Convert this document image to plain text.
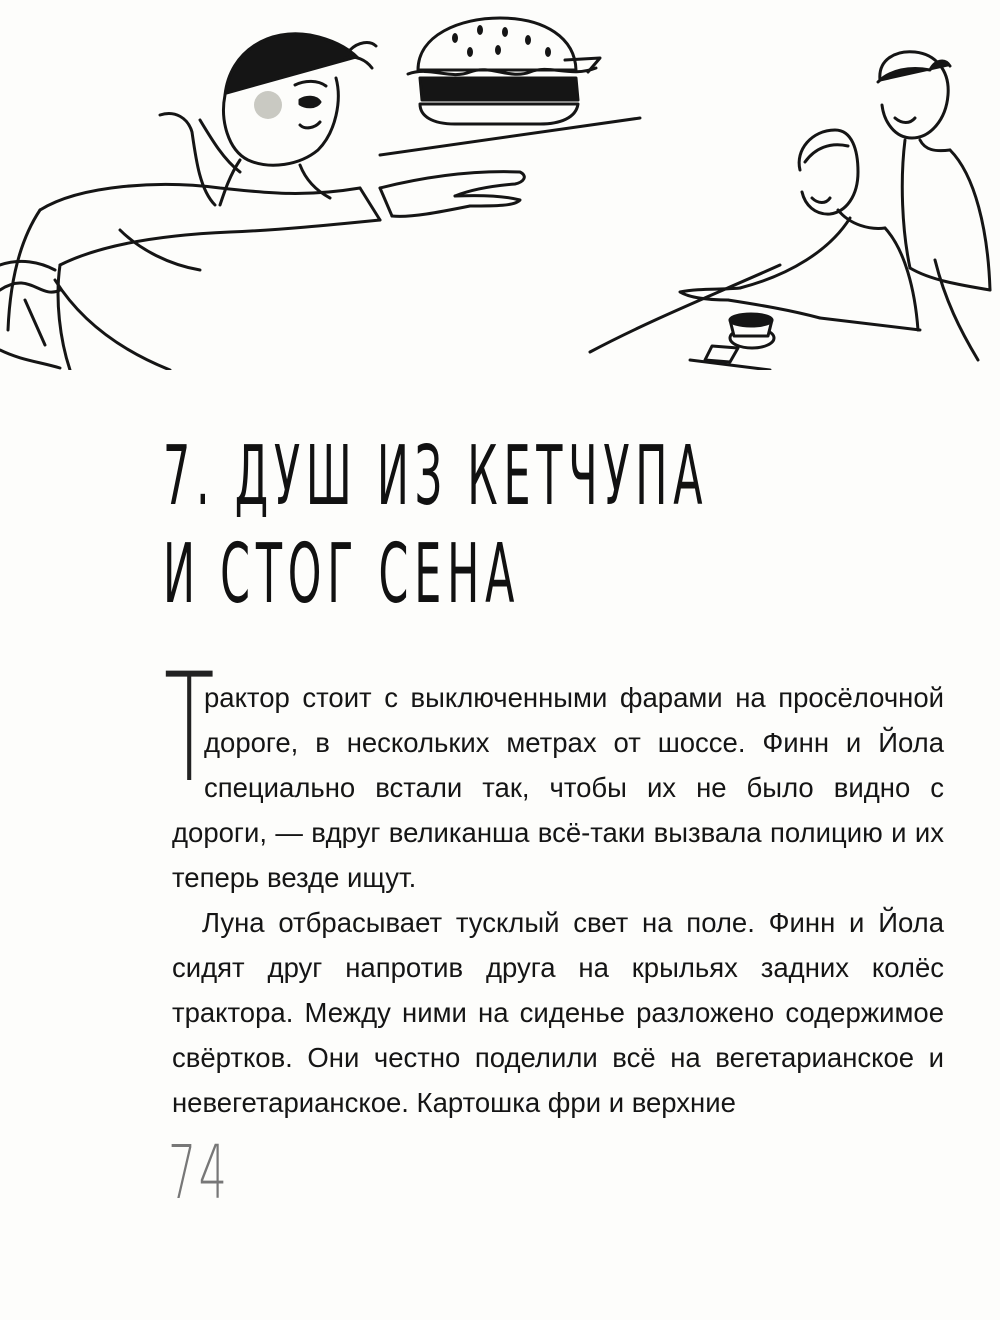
7. ДУШ ИЗ КЕТЧУПА
И СТОГ СЕНА

Т
рактор стоит с выключенными фарами на просёлочной дороге, в нескольких метрах от шоссе. Финн и Йола специально встали так, чтобы их не было видно с дороги, — вдруг великанша всё-таки вызвала полицию и их теперь везде ищут.

Луна отбрасывает тусклый свет на поле. Финн и Йола сидят друг напротив друга на крыльях задних колёс трактора. Между ними на сиденье разложено содержимое свёртков. Они честно поделили всё на вегетарианское и невегетарианское. Картошка фри и верхние

74
